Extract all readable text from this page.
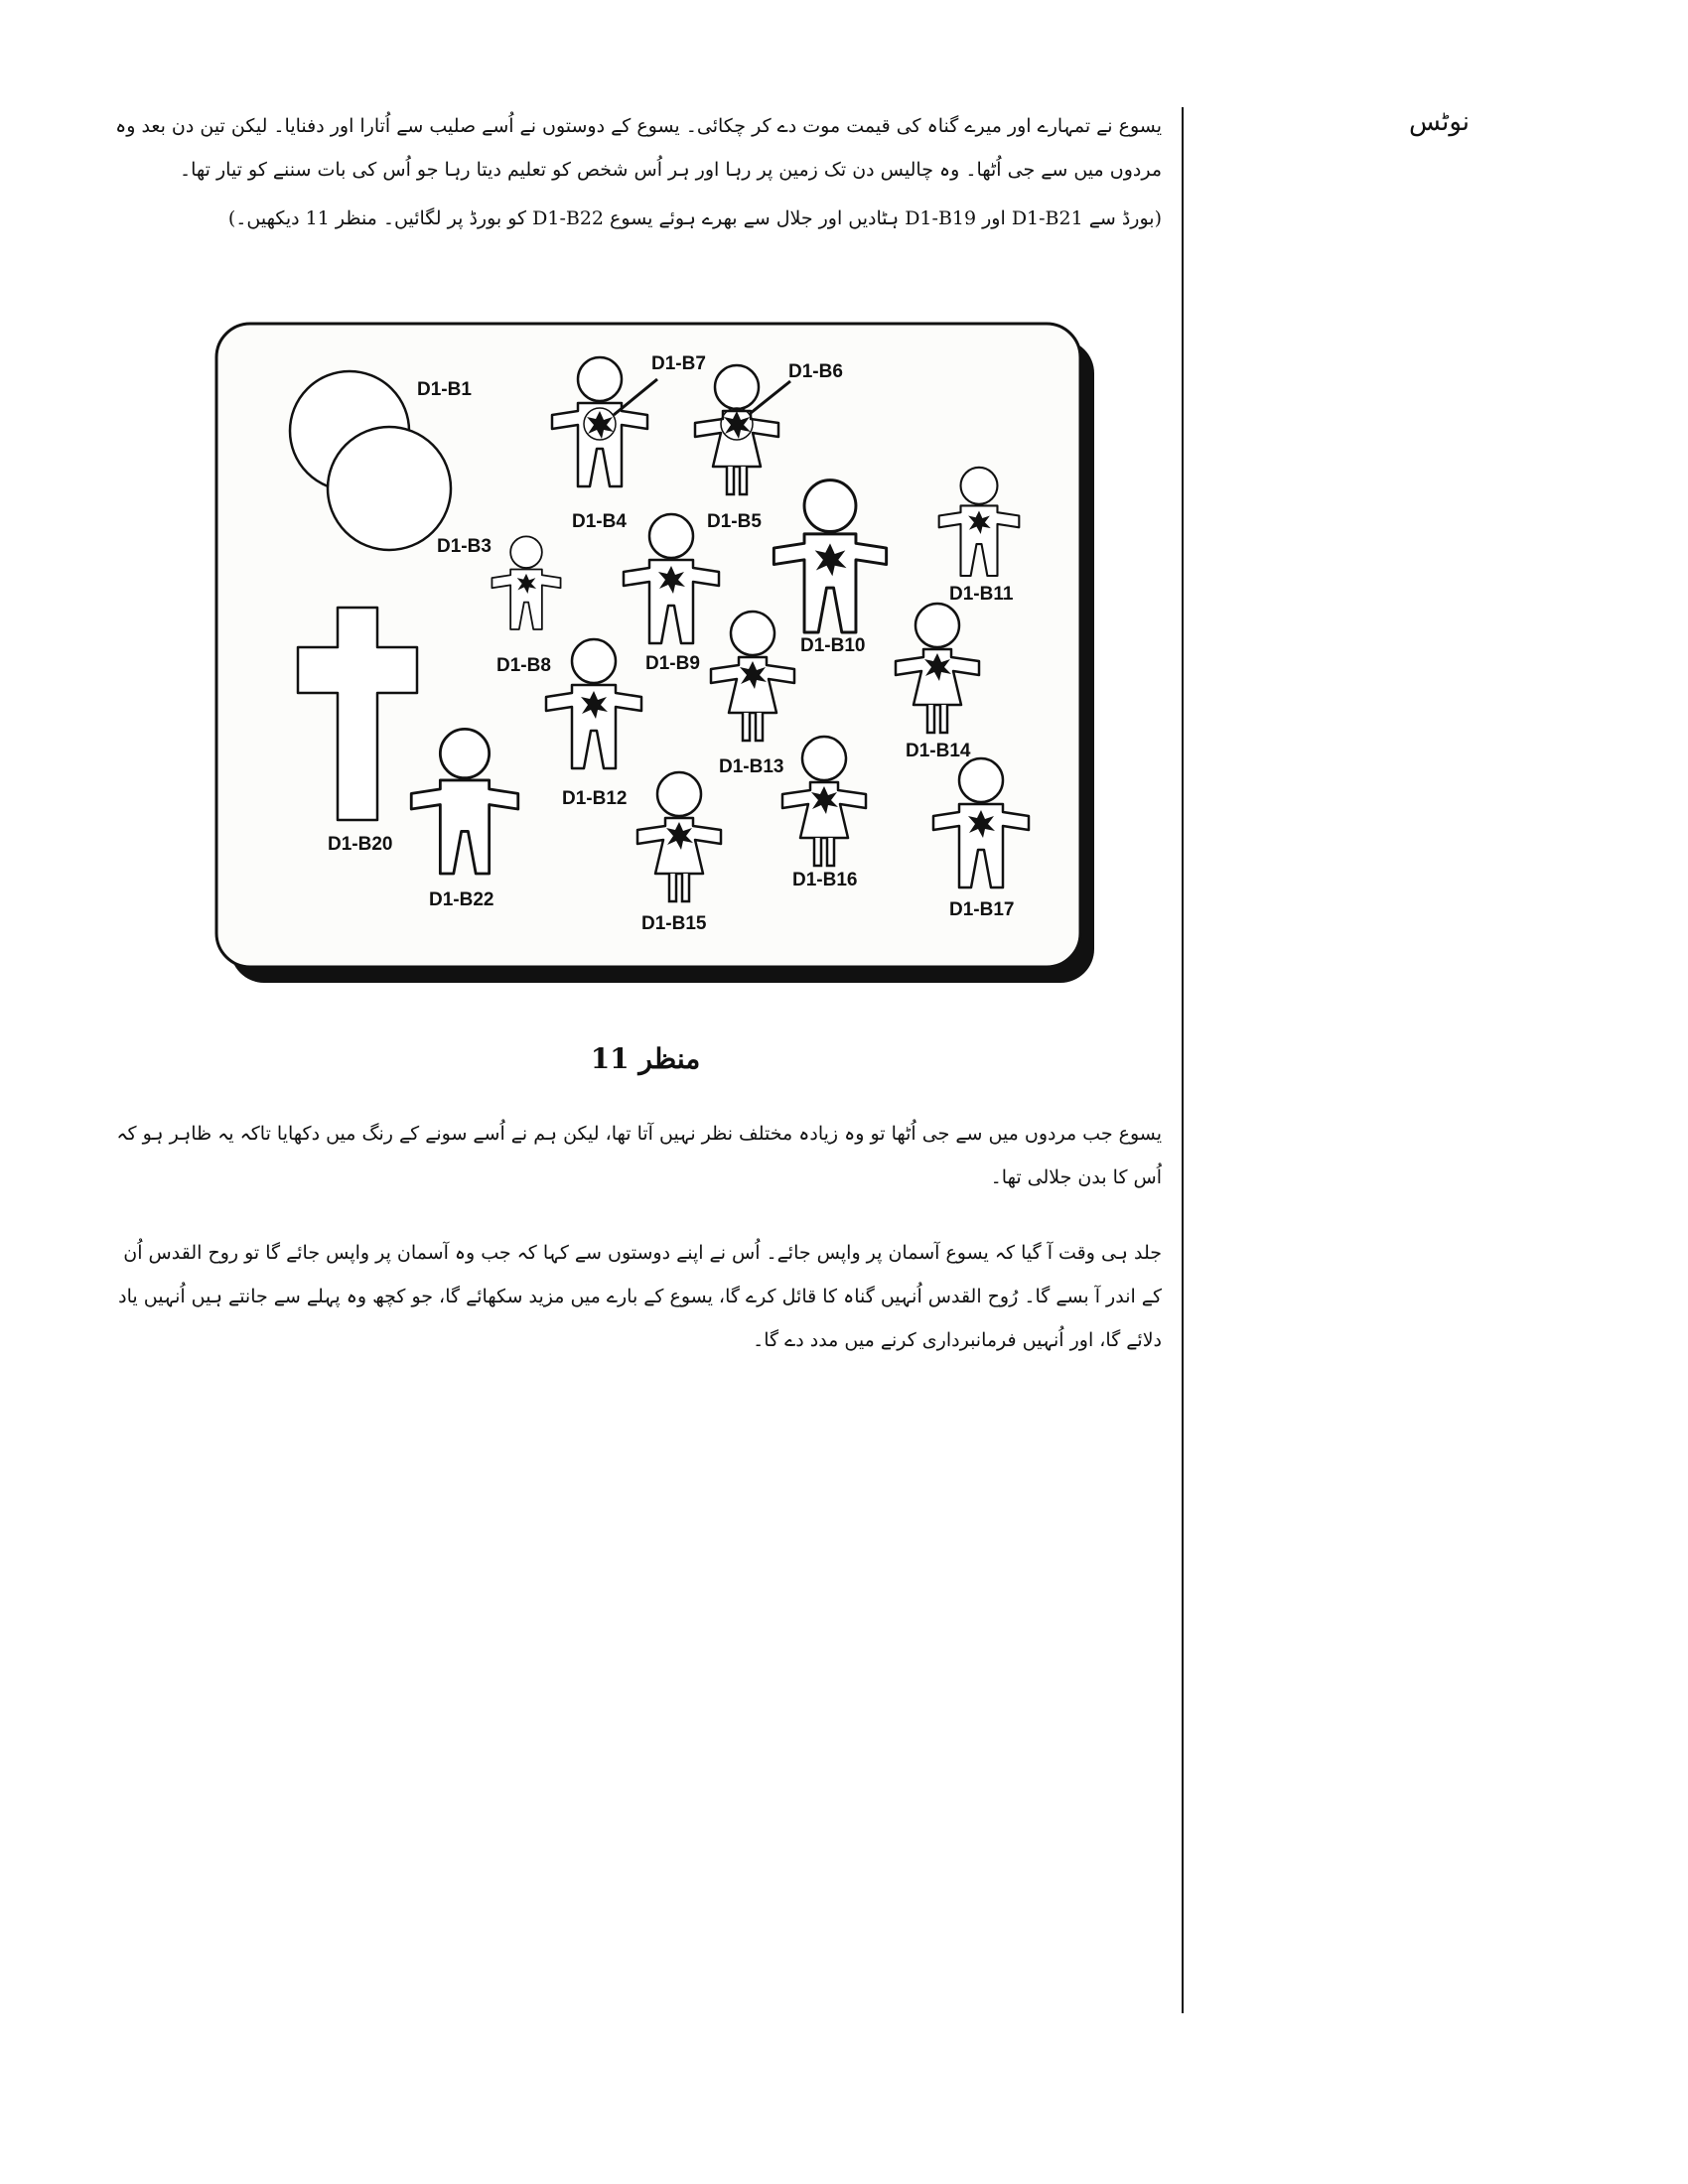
نوٹس
یسوع نے تمہارے اور میرے گناہ کی قیمت موت دے کر چکائی۔ یسوع کے دوستوں نے اُسے صلیب سے اُتارا اور دفنایا۔ لیکن تین دن بعد وہ مردوں میں سے جی اُٹھا۔ وہ چالیس دن تک زمین پر رہا اور ہر اُس شخص کو تعلیم دیتا رہا جو اُس کی بات سننے کو تیار تھا۔
(بورڈ سے D1-B21 اور D1-B19 ہٹادیں اور جلال سے بھرے ہوئے یسوع D1-B22 کو بورڈ پر لگائیں۔ منظر 11 دیکھیں۔)
D1-B1
D1-B3
D1-B7
D1-B4
D1-B6
D1-B5
D1-B8	D1-B9
D1-B10
D1-B11
D1-B12
D1-B13
D1-B14
D1-B15
D1-B16
D1-B17
D1-B20
D1-B22
منظر 11
یسوع جب مردوں میں سے جی اُٹھا تو وہ زیادہ مختلف نظر نہیں آتا تھا، لیکن ہم نے اُسے سونے کے رنگ میں دکھایا تاکہ یہ ظاہر ہو کہ اُس کا بدن جلالی تھا۔
جلد ہی وقت آ گیا کہ یسوع آسمان پر واپس جائے۔ اُس نے اپنے دوستوں سے کہا کہ جب وہ آسمان پر واپس جائے گا تو روح القدس اُن کے اندر آ بسے گا۔ رُوح القدس اُنہیں گناہ کا قائل کرے گا، یسوع کے بارے میں مزید سکھائے گا، جو کچھ وہ پہلے سے جانتے ہیں اُنہیں یاد دلائے گا، اور اُنہیں فرمانبرداری کرنے میں مدد دے گا۔
